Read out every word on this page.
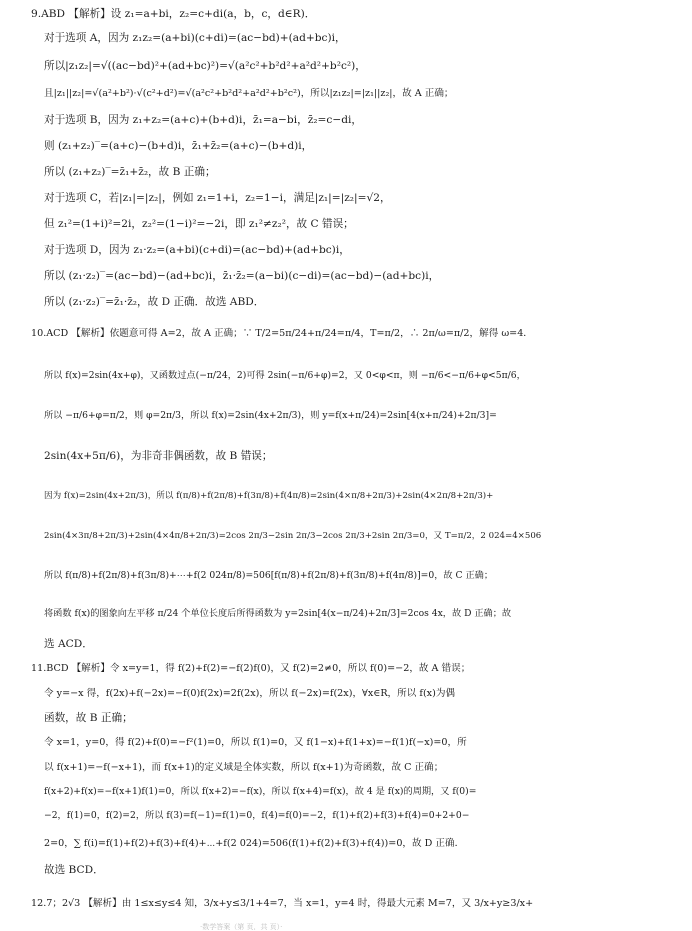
9.ABD 【解析】设 z₁=a+bi，z₂=c+di(a，b，c，d∈R)．
对于选项 A，因为 z₁z₂=(a+bi)(c+di)=(ac−bd)+(ad+bc)i，
所以|z₁z₂|=√((ac−bd)²+(ad+bc)²)=√(a²c²+b²d²+a²d²+b²c²)，
且|z₁||z₂|=√(a²+b²)·√(c²+d²)=√(a²c²+b²d²+a²d²+b²c²)，所以|z₁z₂|=|z₁||z₂|，故 A 正确；
对于选项 B，因为 z₁+z₂=(a+c)+(b+d)i，z̄₁=a−bi，z̄₂=c−di，
则 (z₁+z₂)‾=(a+c)−(b+d)i，z̄₁+z̄₂=(a+c)−(b+d)i，
所以 (z₁+z₂)‾=z̄₁+z̄₂，故 B 正确；
对于选项 C，若|z₁|=|z₂|，例如 z₁=1+i，z₂=1−i，满足|z₁|=|z₂|=√2，
但 z₁²=(1+i)²=2i，z₂²=(1−i)²=−2i，即 z₁²≠z₂²，故 C 错误；
对于选项 D，因为 z₁·z₂=(a+bi)(c+di)=(ac−bd)+(ad+bc)i，
所以 (z₁·z₂)‾=(ac−bd)−(ad+bc)i，z̄₁·z̄₂=(a−bi)(c−di)=(ac−bd)−(ad+bc)i，
所以 (z₁·z₂)‾=z̄₁·z̄₂，故 D 正确．故选 ABD．
10.ACD 【解析】依题意可得 A=2，故 A 正确；∵ T/2=5π/24+π/24=π/4，T=π/2，∴ 2π/ω=π/2，解得 ω=4．
所以 f(x)=2sin(4x+φ)，又函数过点(−π/24，2)可得 2sin(−π/6+φ)=2，又 0<φ<π，则 −π/6<−π/6+φ<5π/6，
所以 −π/6+φ=π/2，则 φ=2π/3，所以 f(x)=2sin(4x+2π/3)，则 y=f(x+π/24)=2sin[4(x+π/24)+2π/3]=
2sin(4x+5π/6)，为非奇非偶函数，故 B 错误；
因为 f(x)=2sin(4x+2π/3)，所以 f(π/8)+f(2π/8)+f(3π/8)+f(4π/8)=2sin(4×π/8+2π/3)+2sin(4×2π/8+2π/3)+
2sin(4×3π/8+2π/3)+2sin(4×4π/8+2π/3)=2cos 2π/3−2sin 2π/3−2cos 2π/3+2sin 2π/3=0，又 T=π/2，2 024=4×506
所以 f(π/8)+f(2π/8)+f(3π/8)+⋯+f(2 024π/8)=506[f(π/8)+f(2π/8)+f(3π/8)+f(4π/8)]=0，故 C 正确；
将函数 f(x)的图象向左平移 π/24 个单位长度后所得函数为 y=2sin[4(x−π/24)+2π/3]=2cos 4x，故 D 正确；故
选 ACD．
11.BCD 【解析】令 x=y=1，得 f(2)+f(2)=−f(2)f(0)，又 f(2)=2≠0，所以 f(0)=−2，故 A 错误；
令 y=−x 得，f(2x)+f(−2x)=−f(0)f(2x)=2f(2x)，所以 f(−2x)=f(2x)，∀x∈R，所以 f(x)为偶
函数，故 B 正确；
令 x=1，y=0，得 f(2)+f(0)=−f²(1)=0，所以 f(1)=0，又 f(1−x)+f(1+x)=−f(1)f(−x)=0，所
以 f(x+1)=−f(−x+1)，而 f(x+1)的定义域是全体实数，所以 f(x+1)为奇函数，故 C 正确；
f(x+2)+f(x)=−f(x+1)f(1)=0，所以 f(x+2)=−f(x)，所以 f(x+4)=f(x)，故 4 是 f(x)的周期，又 f(0)=
−2，f(1)=0，f(2)=2，所以 f(3)=f(−1)=f(1)=0，f(4)=f(0)=−2，f(1)+f(2)+f(3)+f(4)=0+2+0−
2=0，∑ f(i)=f(1)+f(2)+f(3)+f(4)+⋯+f(2 024)=506(f(1)+f(2)+f(3)+f(4))=0，故 D 正确．
故选 BCD．
12.7；2√3 【解析】由 1≤x≤y≤4 知，3/x+y≤3/1+4=7，当 x=1，y=4 时，得最大元素 M=7，又 3/x+y≥3/x+
·数学答案（第 页，共 页）·
